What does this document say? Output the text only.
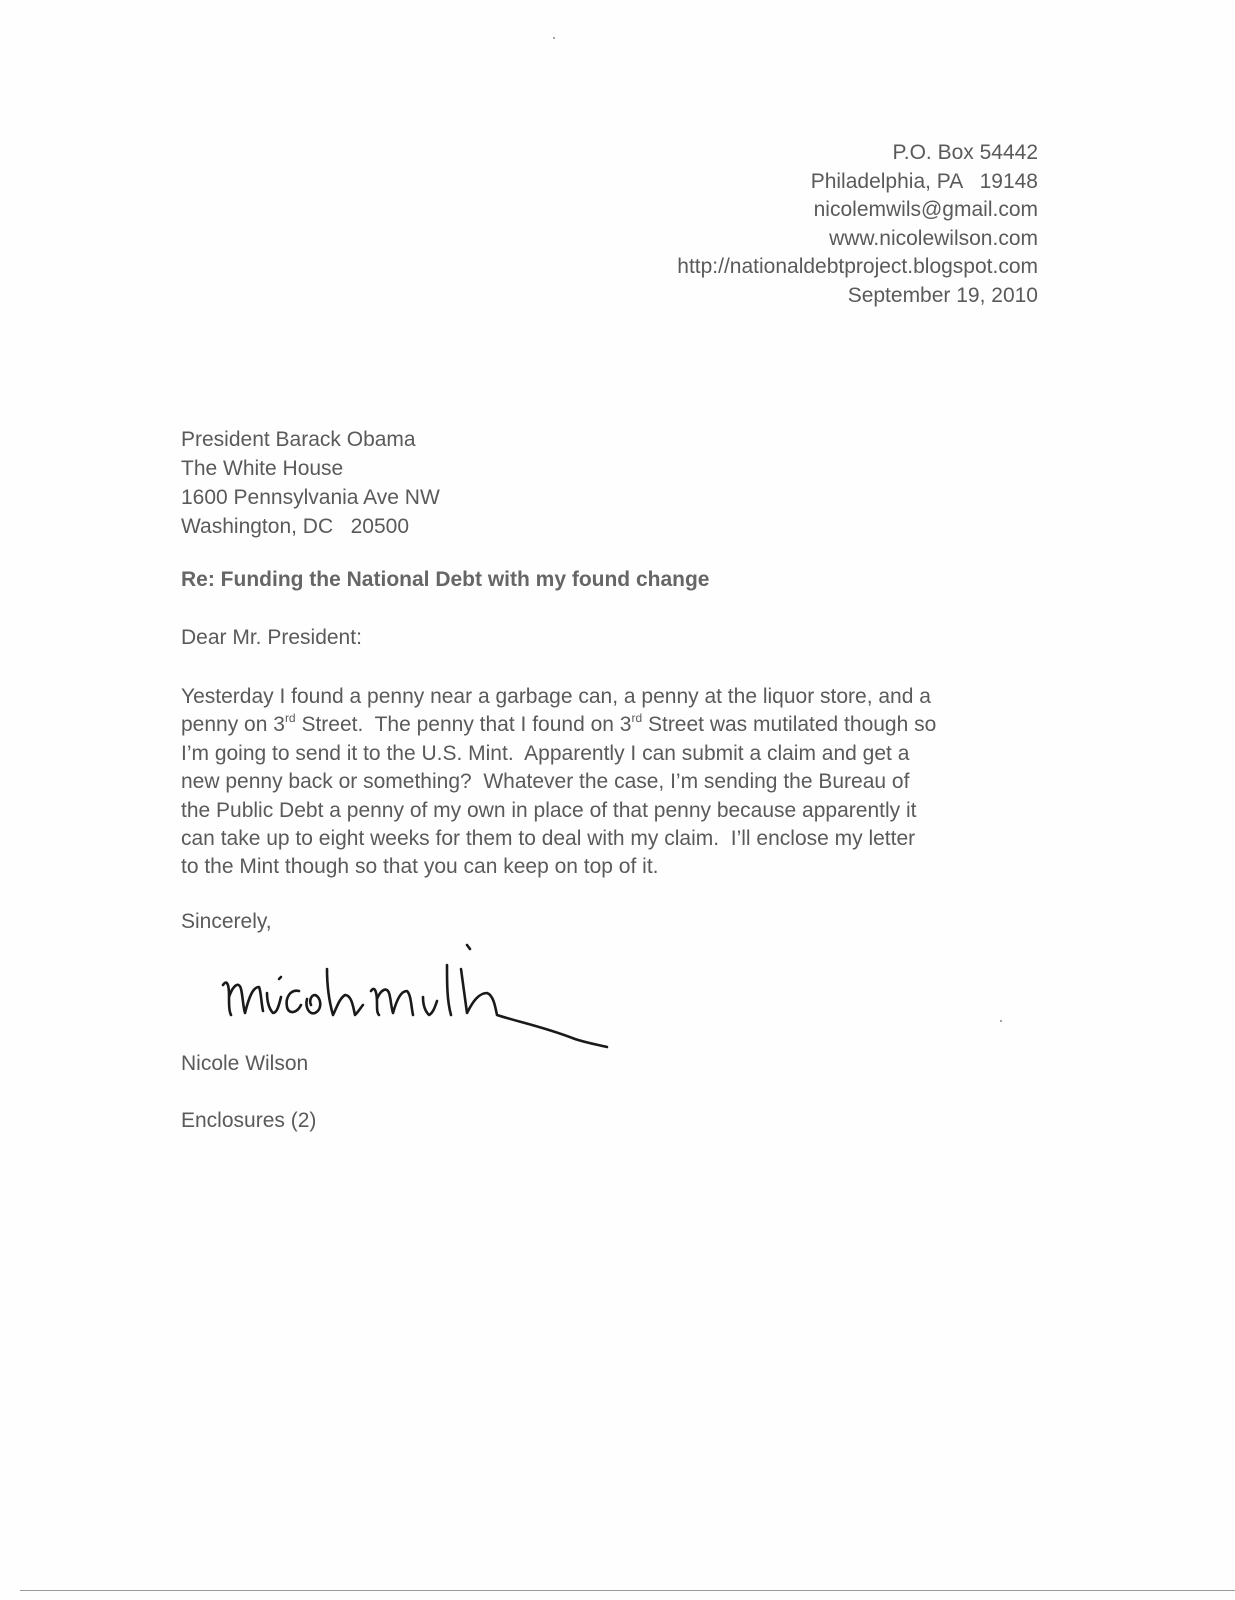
P.O. Box 54442
Philadelphia, PA   19148
nicolemwils@gmail.com
www.nicolewilson.com
http://nationaldebtproject.blogspot.com
September 19, 2010
President Barack Obama
The White House
1600 Pennsylvania Ave NW
Washington, DC   20500
Re: Funding the National Debt with my found change
Dear Mr. President:
Yesterday I found a penny near a garbage can, a penny at the liquor store, and a
penny on 3rd Street.  The penny that I found on 3rd Street was mutilated though so
I’m going to send it to the U.S. Mint.  Apparently I can submit a claim and get a
new penny back or something?  Whatever the case, I’m sending the Bureau of
the Public Debt a penny of my own in place of that penny because apparently it
can take up to eight weeks for them to deal with my claim.  I’ll enclose my letter
to the Mint though so that you can keep on top of it.
Sincerely,
Nicole Wilson
Enclosures (2)
